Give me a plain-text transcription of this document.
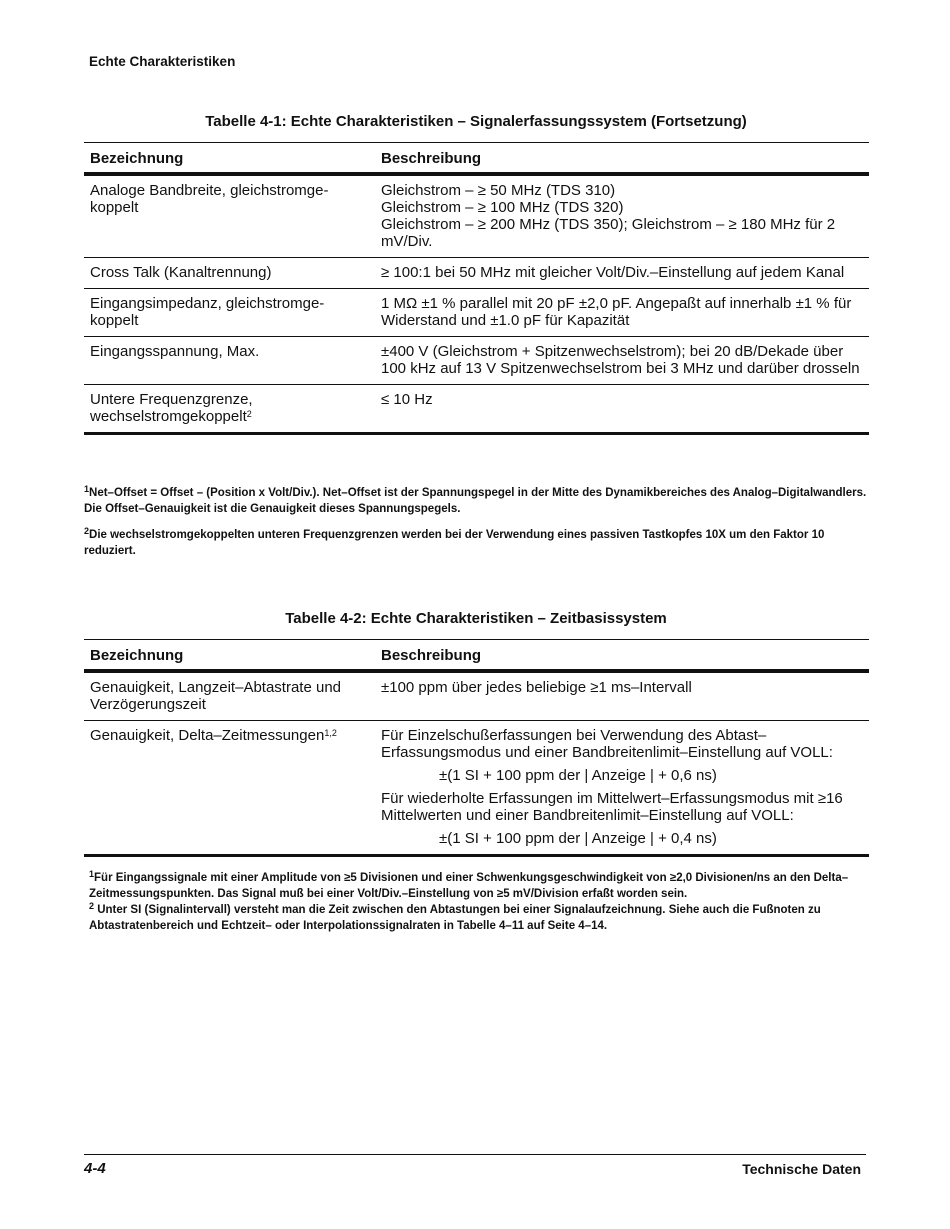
Echte Charakteristiken
Tabelle 4-1: Echte Charakteristiken – Signalerfassungssystem (Fortsetzung)
Bezeichnung	Beschreibung
Analoge Bandbreite, gleichstromge-koppelt	Gleichstrom – ≥ 50 MHz (TDS 310)
Gleichstrom – ≥ 100 MHz (TDS 320)
Gleichstrom – ≥ 200 MHz (TDS 350); Gleichstrom – ≥ 180 MHz für 2 mV/Div.

Cross Talk (Kanaltrennung)	≥ 100:1 bei 50 MHz mit gleicher Volt/Div.–Einstellung auf jedem Kanal
Eingangsimpedanz, gleichstromge-koppelt	1 MΩ ±1 % parallel mit 20 pF ±2,0 pF. Angepaßt auf innerhalb ±1 % für Widerstand und ±1.0 pF für Kapazität
Eingangsspannung, Max.	±400 V (Gleichstrom + Spitzenwechselstrom); bei 20 dB/Dekade über 100 kHz auf 13 V Spitzenwechselstrom bei 3 MHz und darüber drosseln
Untere Frequenzgrenze, wechselstromgekoppelt$^2$	≤ 10 Hz

$^1$Net–Offset = Offset – (Position x Volt/Div.). Net–Offset ist der Spannungspegel in der Mitte des Dynamikbereiches des Analog–Digitalwandlers. Die Offset–Genauigkeit ist die Genauigkeit dieses Spannungspegels.

$^2$Die wechselstromgekoppelten unteren Frequenzgrenzen werden bei der Verwendung eines passiven Tastkopfes 10X um den Faktor 10 reduziert.

Tabelle 4-2: Echte Charakteristiken – Zeitbasissystem
Bezeichnung	Beschreibung
Genauigkeit, Langzeit–Abtastrate und Verzögerungszeit	±100 ppm über jedes beliebige ≥1 ms–Intervall
Genauigkeit, Delta–Zeitmessungen$^{1,2}$	Für Einzelschußerfassungen bei Verwendung des Abtast–Erfassungsmodus und einer Bandbreitenlimit–Einstellung auf VOLL:
±(1 SI + 100 ppm der | Anzeige | + 0,6 ns)
Für wiederholte Erfassungen im Mittelwert–Erfassungsmodus mit ≥16 Mittelwerten und einer Bandbreitenlimit–Einstellung auf VOLL:
±(1 SI + 100 ppm der | Anzeige | + 0,4 ns)

$^1$Für Eingangssignale mit einer Amplitude von ≥5 Divisionen und einer Schwenkungsgeschwindigkeit von ≥2,0 Divisionen/ns an den Delta–Zeitmessungspunkten. Das Signal muß bei einer Volt/Div.–Einstellung von ≥5 mV/Division erfaßt worden sein.

$^2$ Unter SI (Signalintervall) versteht man die Zeit zwischen den Abtastungen bei einer Signalaufzeichnung. Siehe auch die Fußnoten zu Abtastratenbereich und Echtzeit– oder Interpolationssignalraten in Tabelle 4–11 auf Seite 4–14.

4-4	Technische Daten
